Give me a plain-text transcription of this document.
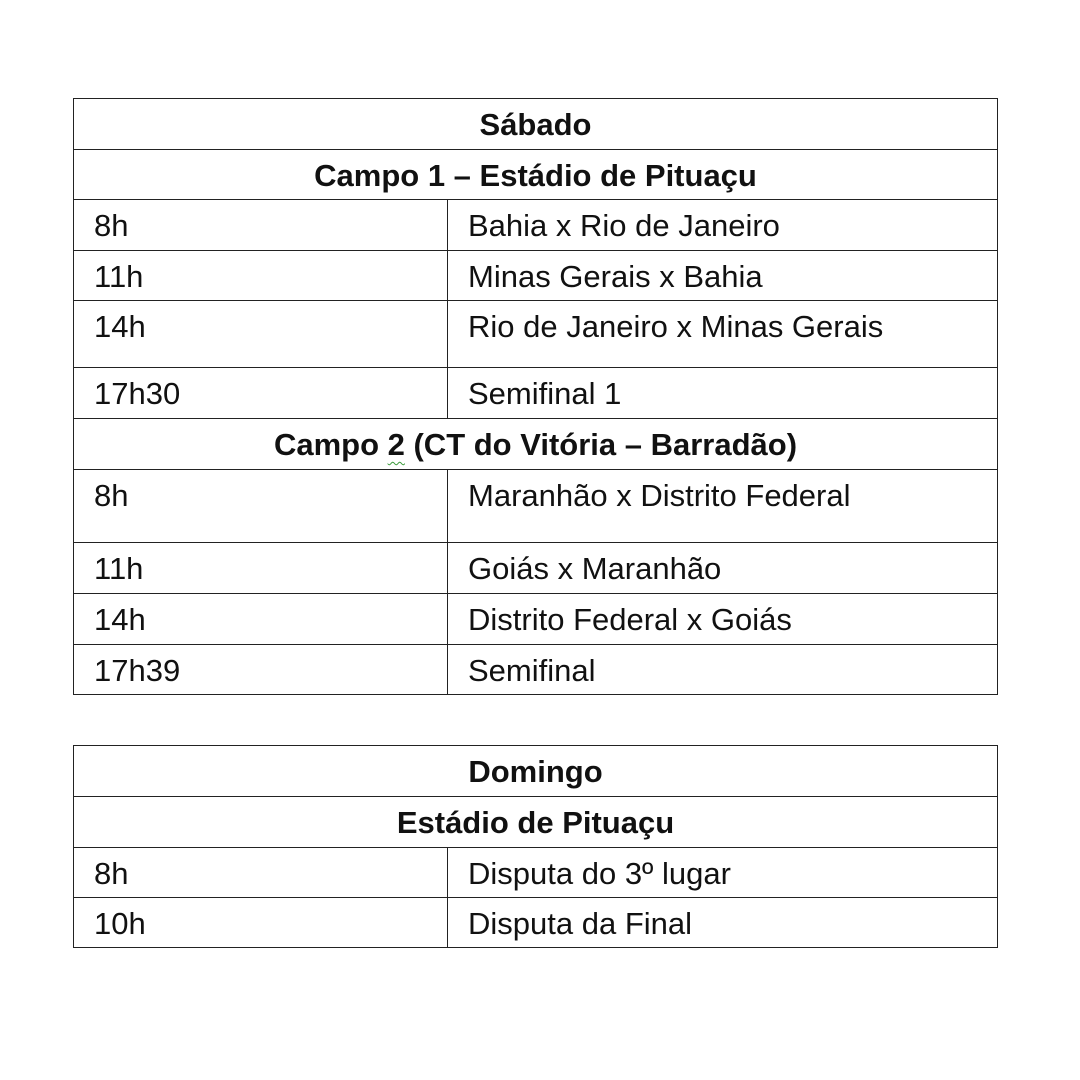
Sábado	
Campo 1 – Estádio de Pituaçu	
8h	Bahia x Rio de Janeiro
11h	Minas Gerais x Bahia
14h	Rio de Janeiro x Minas Gerais
17h30	Semifinal 1
Campo 2 (CT do Vitória – Barradão)	
8h	Maranhão x Distrito Federal
11h	Goiás x Maranhão
14h	Distrito Federal x Goiás
17h39	Semifinal
Domingo	
Estádio de Pituaçu	
8h	Disputa do 3º lugar
10h	Disputa da Final
